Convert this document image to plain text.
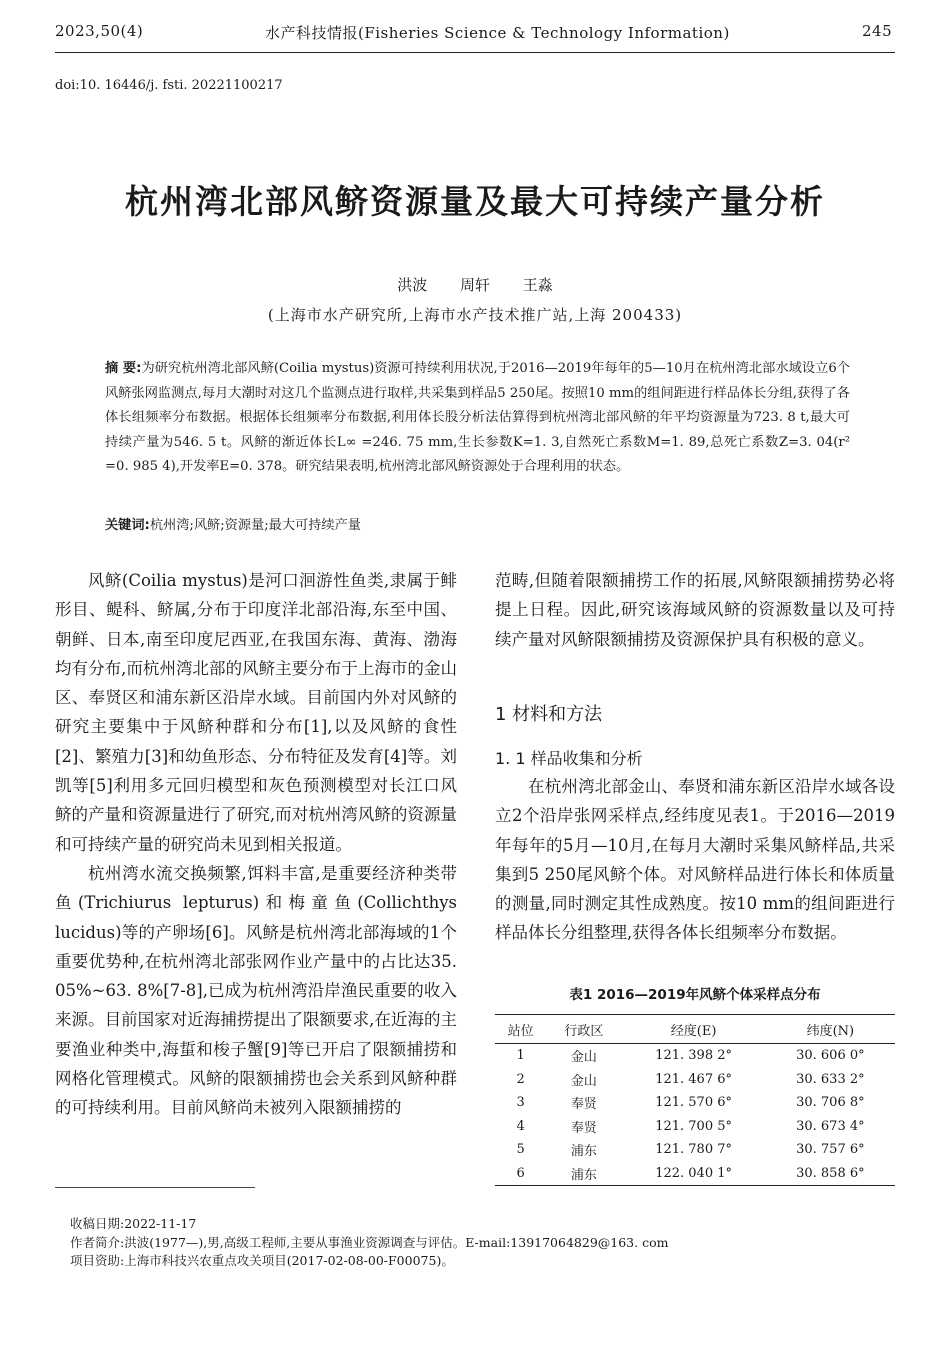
2023,50(4)	水产科技情报(Fisheries Science & Technology Information)	245
doi:10. 16446/j. fsti. 20221100217
杭州湾北部风鲚资源量及最大可持续产量分析
洪波 周轩 王淼
(上海市水产研究所,上海市水产技术推广站,上海 200433)
摘 要:为研究杭州湾北部风鲚(Coilia mystus)资源可持续利用状况,于2016—2019年每年的5—10月在杭州湾北部水域设立6个风鲚张网监测点,每月大潮时对这几个监测点进行取样,共采集到样品5 250尾。按照10 mm的组间距进行样品体长分组,获得了各体长组频率分布数据。根据体长组频率分布数据,利用体长股分析法估算得到杭州湾北部风鲚的年平均资源量为723. 8 t,最大可持续产量为546. 5 t。风鲚的渐近体长L∞ =246. 75 mm,生长参数K=1. 3,自然死亡系数M=1. 89,总死亡系数Z=3. 04(r² =0. 985 4),开发率E=0. 378。研究结果表明,杭州湾北部风鲚资源处于合理利用的状态。
关键词:杭州湾;风鲚;资源量;最大可持续产量

风鲚(Coilia mystus)是河口洄游性鱼类,隶属于鲱形目、鳀科、鲚属,分布于印度洋北部沿海,东至中国、朝鲜、日本,南至印度尼西亚,在我国东海、黄海、渤海均有分布,而杭州湾北部的风鲚主要分布于上海市的金山区、奉贤区和浦东新区沿岸水域。目前国内外对风鲚的研究主要集中于风鲚种群和分布[1],以及风鲚的食性[2]、繁殖力[3]和幼鱼形态、分布特征及发育[4]等。刘凯等[5]利用多元回归模型和灰色预测模型对长江口风鲚的产量和资源量进行了研究,而对杭州湾风鲚的资源量和可持续产量的研究尚未见到相关报道。

杭州湾水流交换频繁,饵料丰富,是重要经济种类带鱼(Trichiurus lepturus)和梅童鱼(Collichthys lucidus)等的产卵场[6]。风鲚是杭州湾北部海域的1个重要优势种,在杭州湾北部张网作业产量中的占比达35. 05%~63. 8%[7-8],已成为杭州湾沿岸渔民重要的收入来源。目前国家对近海捕捞提出了限额要求,在近海的主要渔业种类中,海蜇和梭子蟹[9]等已开启了限额捕捞和网格化管理模式。风鲚的限额捕捞也会关系到风鲚种群的可持续利用。目前风鲚尚未被列入限额捕捞的

范畴,但随着限额捕捞工作的拓展,风鲚限额捕捞势必将提上日程。因此,研究该海域风鲚的资源数量以及可持续产量对风鲚限额捕捞及资源保护具有积极的意义。

1 材料和方法
1. 1 样品收集和分析

在杭州湾北部金山、奉贤和浦东新区沿岸水域各设立2个沿岸张网采样点,经纬度见表1。于2016—2019年每年的5月—10月,在每月大潮时采集风鲚样品,共采集到5 250尾风鲚个体。对风鲚样品进行体长和体质量的测量,同时测定其性成熟度。按10 mm的组间距进行样品体长分组整理,获得各体长组频率分布数据。

表1 2016—2019年风鲚个体采样点分布
站位	行政区	经度(E)	纬度(N)
1	金山	121. 398 2°	30. 606 0°
2	金山	121. 467 6°	30. 633 2°
3	奉贤	121. 570 6°	30. 706 8°
4	奉贤	121. 700 5°	30. 673 4°
5	浦东	121. 780 7°	30. 757 6°
6	浦东	122. 040 1°	30. 858 6°
收稿日期:2022-11-17
作者简介:洪波(1977—),男,高级工程师,主要从事渔业资源调查与评估。E-mail:13917064829@163. com
项目资助:上海市科技兴农重点攻关项目(2017-02-08-00-F00075)。
